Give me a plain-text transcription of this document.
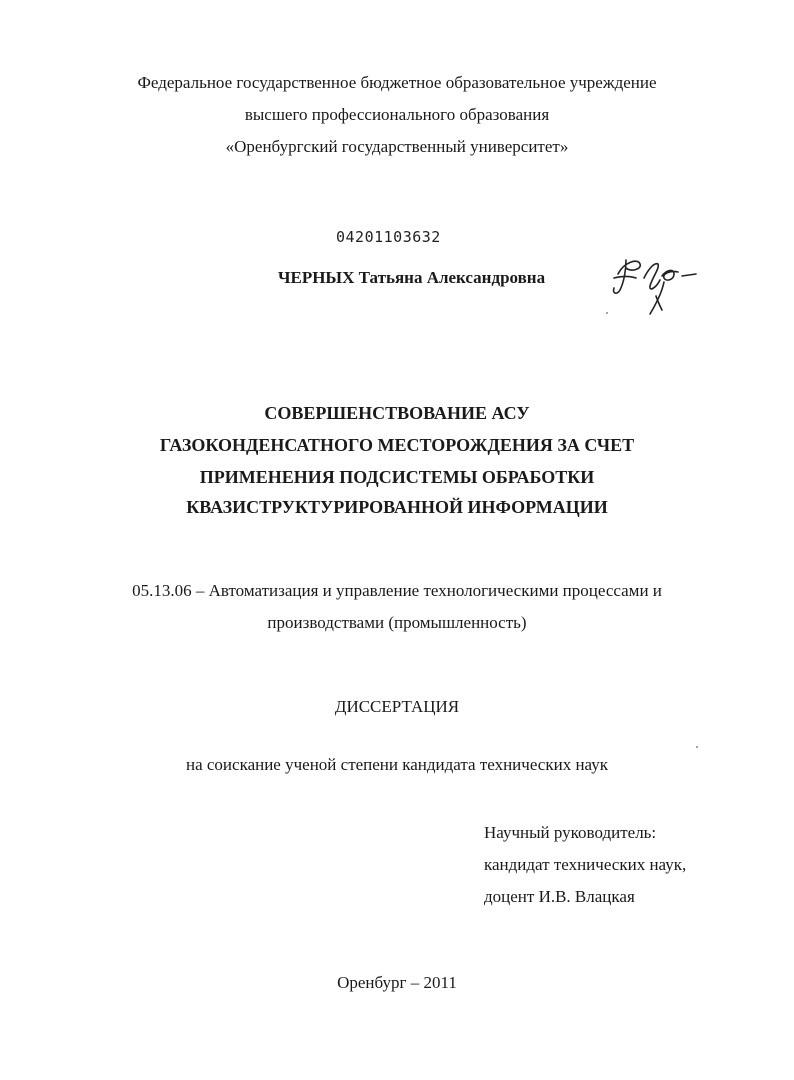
Федеральное государственное бюджетное образовательное учреждение
высшего профессионального образования
«Оренбургский государственный университет»
04201103632
ЧЕРНЫХ Татьяна Александровна
СОВЕРШЕНСТВОВАНИЕ АСУ
ГАЗОКОНДЕНСАТНОГО МЕСТОРОЖДЕНИЯ ЗА СЧЕТ
ПРИМЕНЕНИЯ ПОДСИСТЕМЫ ОБРАБОТКИ
КВАЗИСТРУКТУРИРОВАННОЙ ИНФОРМАЦИИ
05.13.06 – Автоматизация и управление технологическими процессами и
производствами (промышленность)
ДИССЕРТАЦИЯ
на соискание ученой степени кандидата технических наук
Научный руководитель:
кандидат технических наук,
доцент И.В. Влацкая
Оренбург – 2011
